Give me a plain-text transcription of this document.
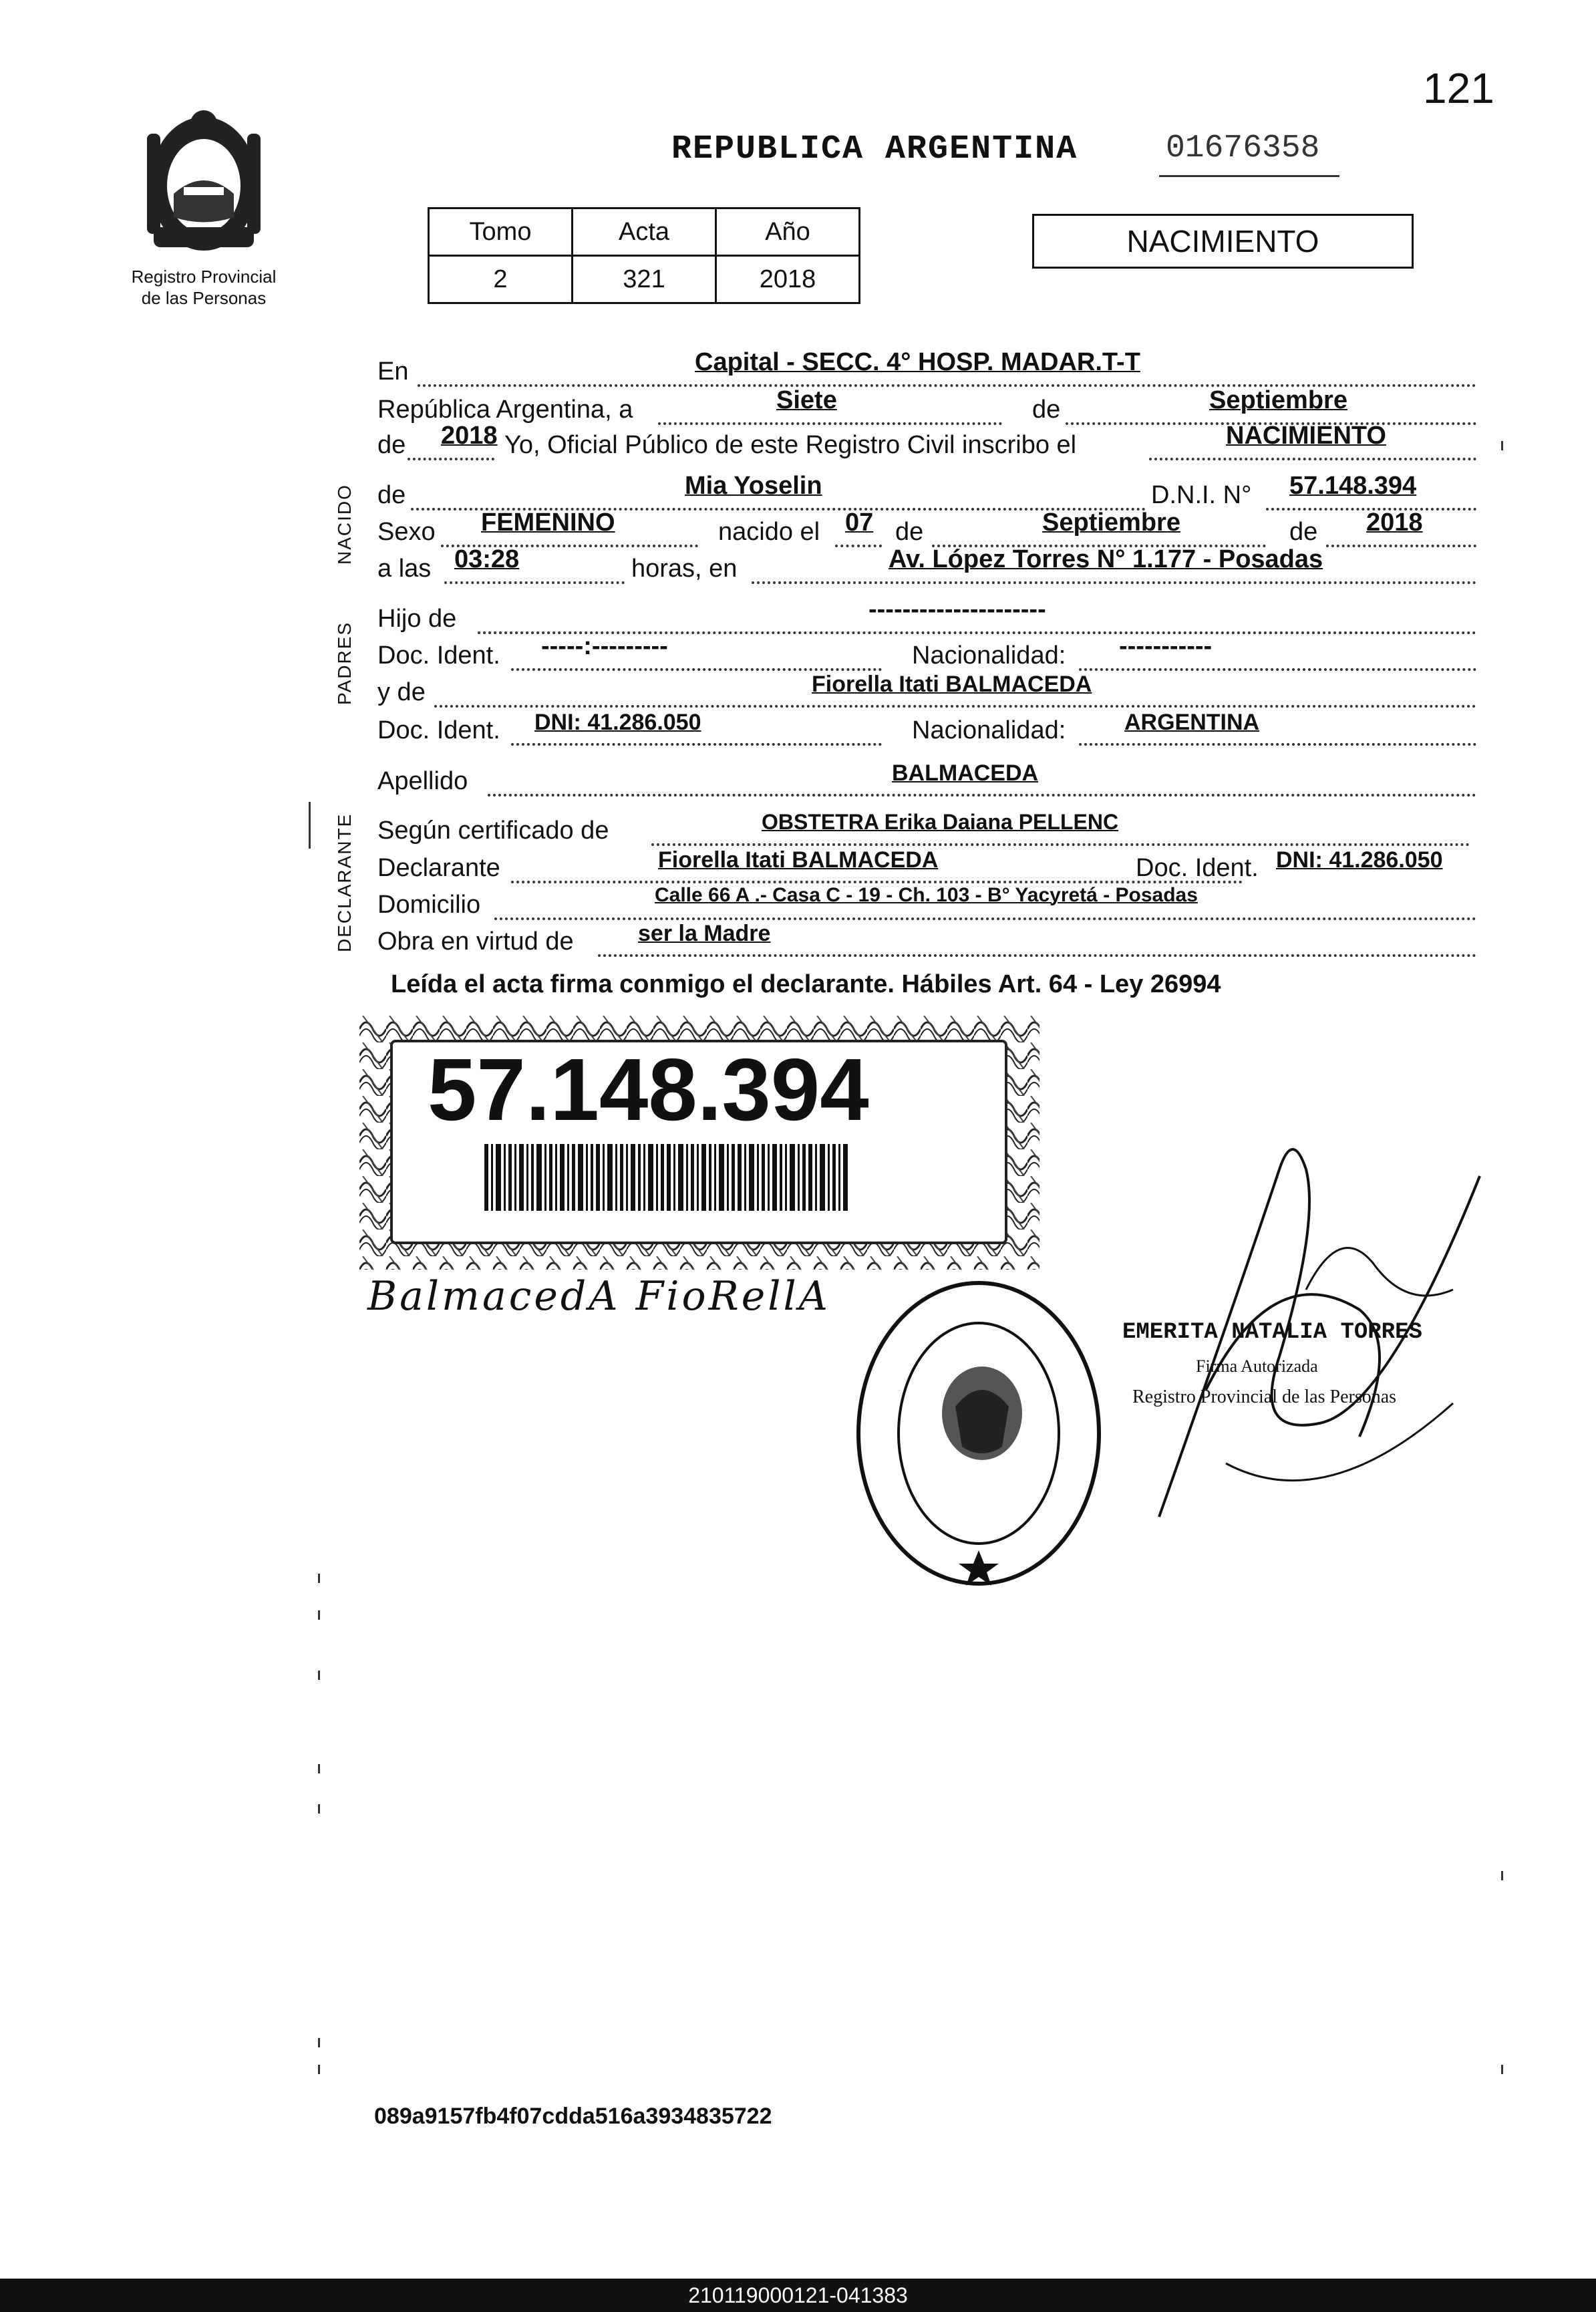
121
01676358
REPUBLICA ARGENTINA
Registro Provincial
de las Personas
Tomo	Acta	Año
2	321	2018
NACIMIENTO
NACIDO
PADRES
DECLARANTE
En	Capital - SECC. 4° HOSP. MADAR.T-T
República Argentina, a	Siete	de	Septiembre
de 2018 Yo, Oficial Público de este Registro Civil inscribo el	NACIMIENTO
de	Mia Yoselin	D.N.I. N° 57.148.394
Sexo FEMENINO	nacido el 07 de	Septiembre	de 2018
a las 03:28	horas, en	Av. López Torres N° 1.177 - Posadas
Hijo de	---------------------
Doc. Ident. -----:---------	Nacionalidad: -----------
y de	Fiorella Itati BALMACEDA
Doc. Ident. DNI: 41.286.050	Nacionalidad:	ARGENTINA
Apellido	BALMACEDA
Según certificado de	OBSTETRA Erika Daiana PELLENC
Declarante	Fiorella Itati BALMACEDA	Doc. Ident. DNI: 41.286.050
Domicilio	Calle 66 A .- Casa C - 19 - Ch. 103 - B° Yacyretá - Posadas
Obra en virtud de	ser la Madre
Leída el acta firma conmigo el declarante. Hábiles Art. 64 - Ley 26994
57.148.394
BalmacedA FioRellA
EMERITA NATALIA TORRES
Firma Autorizada
Registro Provincial de las Personas
089a9157fb4f07cdda516a3934835722
210119000121-041383
